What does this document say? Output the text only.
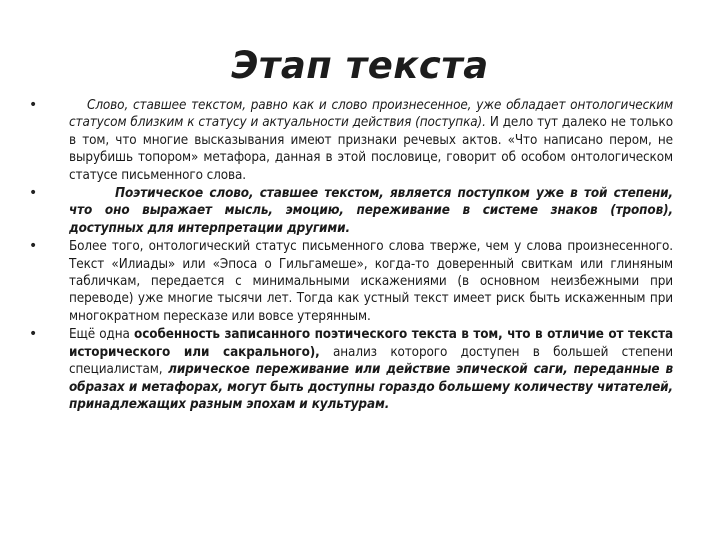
Этап текста
•	Слово, ставшее текстом, равно как и слово произнесенное, уже обладает онтологическим статусом близким к статусу и актуальности действия (поступка). И дело тут далеко не только в том, что многие высказывания имеют признаки речевых актов. «Что написано пером, не вырубишь топором» метафора, данная в этой пословице, говорит об особом онтологическом статусе письменного слова.
•	Поэтическое слово, ставшее текстом, является поступком уже в той степени, что оно выражает мысль, эмоцию, переживание в системе знаков (тропов), доступных для интерпретации другими.
• Более того, онтологический статус письменного слова тверже, чем у слова произнесенного. Текст «Илиады» или «Эпоса о Гильгамеше», когда-то доверенный свиткам или глиняным табличкам, передается с минимальными искажениями (в основном неизбежными при переводе) уже многие тысячи лет. Тогда как устный текст имеет риск быть искаженным при многократном пересказе или вовсе утерянным.
• Ещё одна особенность записанного поэтического текста в том, что в отличие от текста исторического или сакрального), анализ которого доступен в большей степени специалистам, лирическое переживание или действие эпической саги, переданные в образах и метафорах, могут быть доступны гораздо большему количеству читателей, принадлежащих разным эпохам и культурам.
